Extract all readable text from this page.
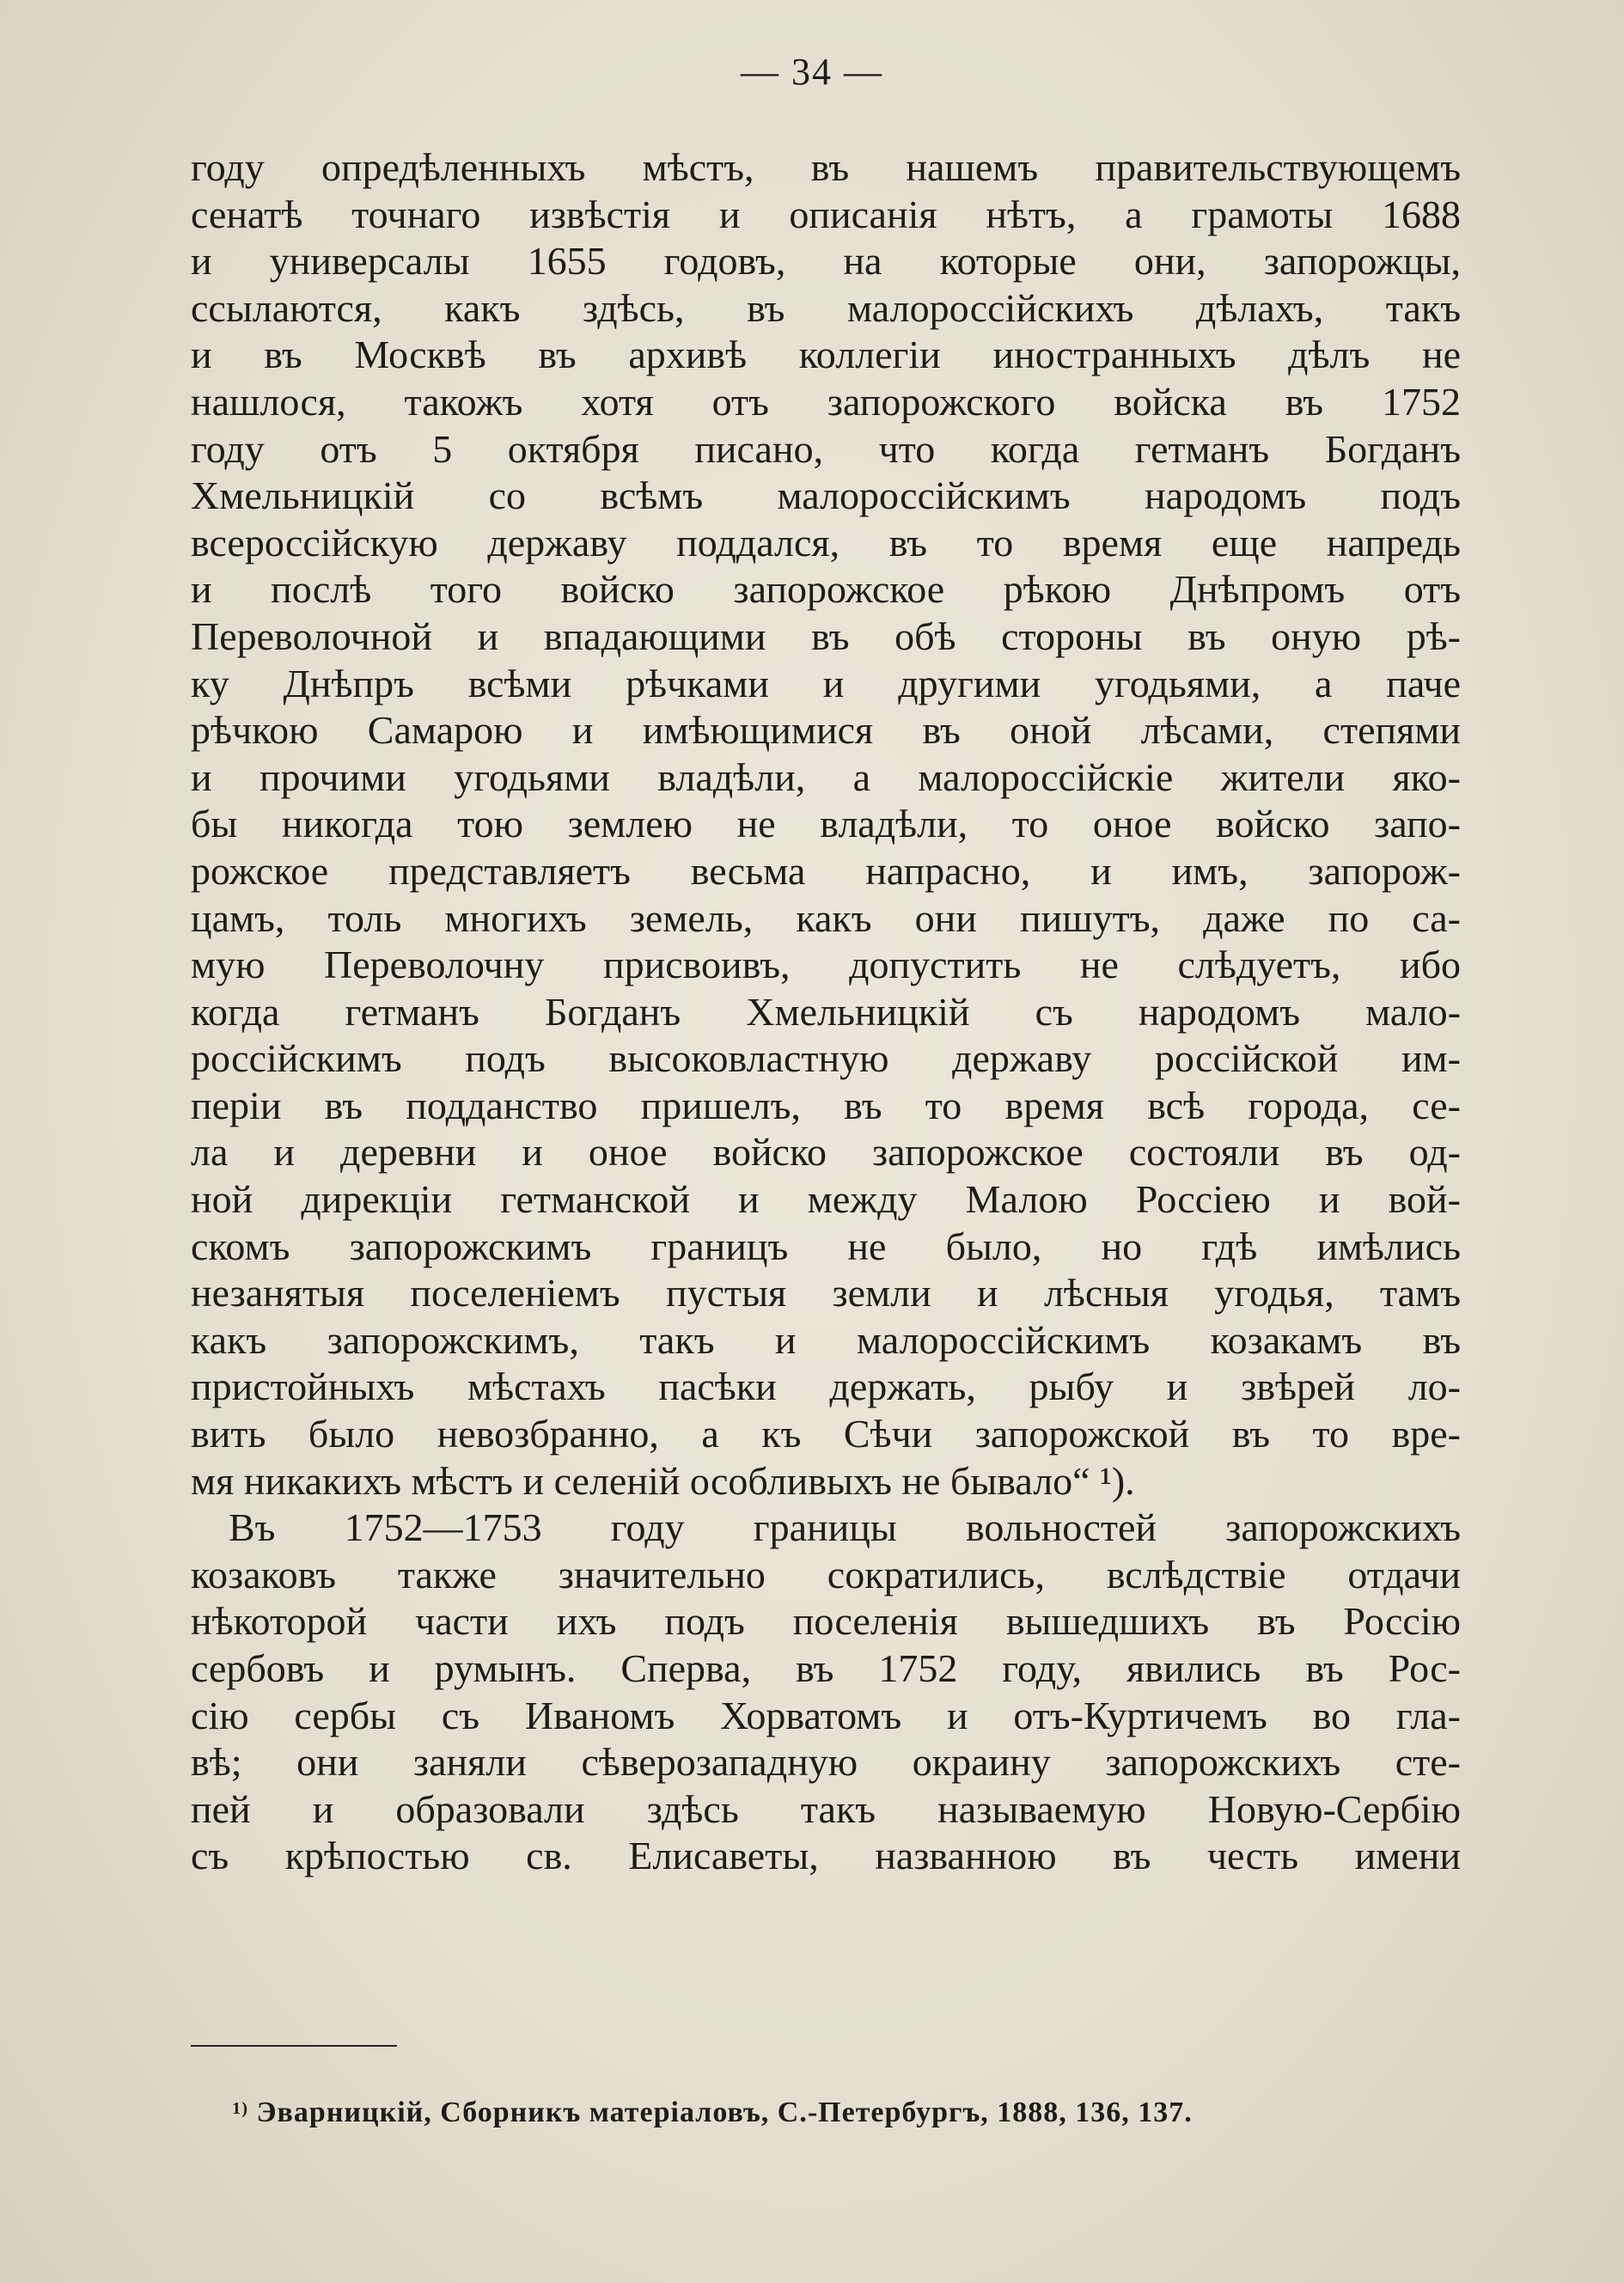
— 34 —
году опредѣленныхъ мѣстъ, въ нашемъ правительствующемъ
сенатѣ точнаго извѣстія и описанія нѣтъ, а грамоты 1688
и универсалы 1655 годовъ, на которые они, запорожцы,
ссылаются, какъ здѣсь, въ малороссійскихъ дѣлахъ, такъ
и въ Москвѣ въ архивѣ коллегіи иностранныхъ дѣлъ не
нашлося, такожъ хотя отъ запорожского войска въ 1752
году отъ 5 октября писано, что когда гетманъ Богданъ
Хмельницкій со всѣмъ малороссійскимъ народомъ подъ
всероссійскую державу поддался, въ то время еще напредь
и послѣ того войско запорожское рѣкою Днѣпромъ отъ
Переволочной и впадающими въ обѣ стороны въ оную рѣ-
ку Днѣпръ всѣми рѣчками и другими угодьями, а паче
рѣчкою Самарою и имѣющимися въ оной лѣсами, степями
и прочими угодьями владѣли, а малороссійскіе жители яко-
бы никогда тою землею не владѣли, то оное войско запо-
рожское представляетъ весьма напрасно, и имъ, запорож-
цамъ, толь многихъ земель, какъ они пишутъ, даже по са-
мую Переволочну присвоивъ, допустить не слѣдуетъ, ибо
когда гетманъ Богданъ Хмельницкій съ народомъ мало-
россійскимъ подъ высоковластную державу россійской им-
періи въ подданство пришелъ, въ то время всѣ города, се-
ла и деревни и оное войско запорожское состояли въ од-
ной дирекціи гетманской и между Малою Россіею и вой-
скомъ запорожскимъ границъ не было, но гдѣ имѣлись
незанятыя поселеніемъ пустыя земли и лѣсныя угодья, тамъ
какъ запорожскимъ, такъ и малороссійскимъ козакамъ въ
пристойныхъ мѣстахъ пасѣки держать, рыбу и звѣрей ло-
вить было невозбранно, а къ Сѣчи запорожской въ то вре-
мя никакихъ мѣстъ и селеній особливыхъ не бывало“ ¹).
Въ 1752—1753 году границы вольностей запорожскихъ
козаковъ также значительно сократились, вслѣдствіе отдачи
нѣкоторой части ихъ подъ поселенія вышедшихъ въ Россію
сербовъ и румынъ. Сперва, въ 1752 году, явились въ Рос-
сію сербы съ Иваномъ Хорватомъ и отъ-Куртичемъ во гла-
вѣ; они заняли сѣверозападную окраину запорожскихъ сте-
пей и образовали здѣсь такъ называемую Новую-Сербію
съ крѣпостью св. Елисаветы, названною въ честь имени
$^{1)}$ Эварницкій, Сборникъ матеріаловъ, С.-Петербургъ, 1888, 136, 137.
